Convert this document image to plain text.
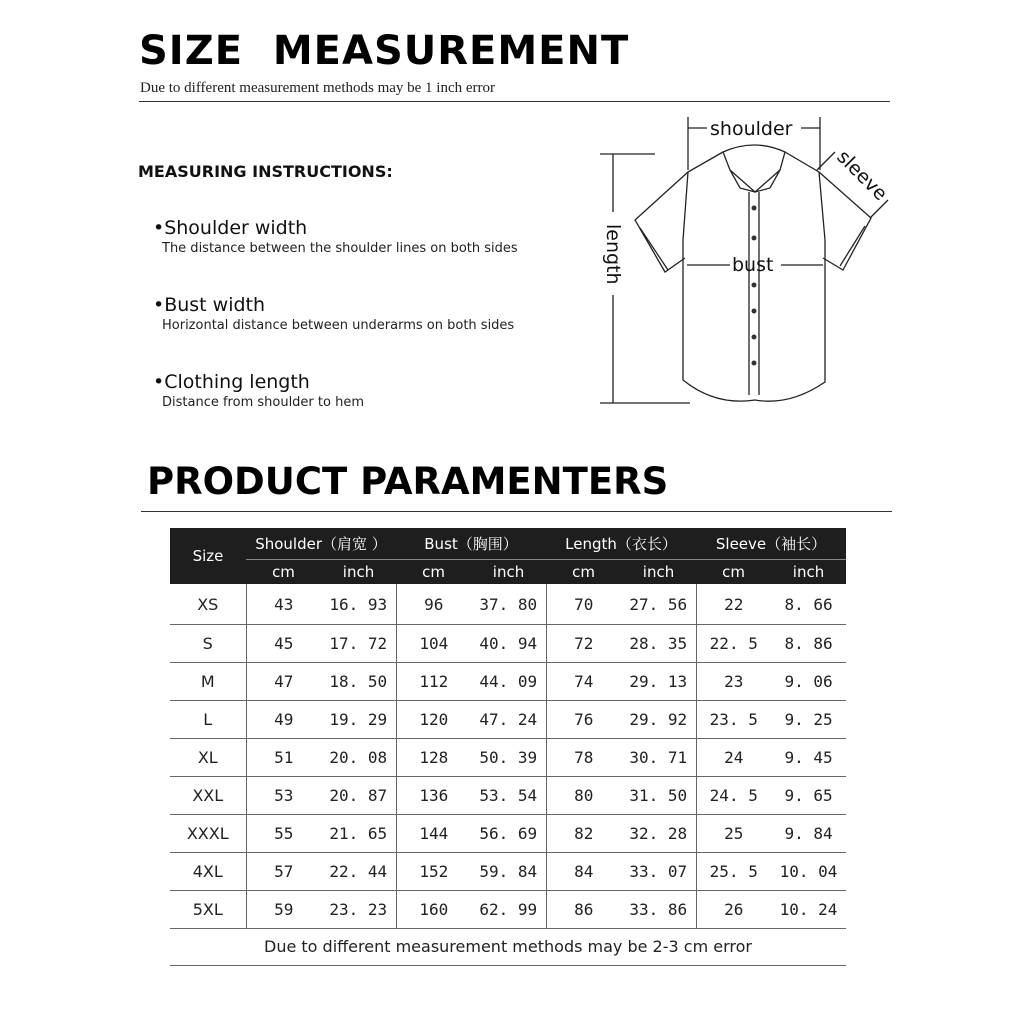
SIZE  MEASUREMENT
Due to different measurement methods may be 1 inch error
MEASURING INSTRUCTIONS:
•Shoulder width
The distance between the shoulder lines on both sides
•Bust width
Horizontal distance between underarms on both sides
•Clothing length
Distance from shoulder to hem
shoulder
bust
length
sleeve
PRODUCT PARAMENTERS
Size	Shoulder（肩宽 ）		Bust（胸围）		Length（衣长）		Sleeve（袖长）	
	cm	inch	cm	inch	cm	inch	cm	inch
XS	43	16. 93	96	37. 80	70	27. 56	22	8. 66
S	45	17. 72	104	40. 94	72	28. 35	22. 5	8. 86
M	47	18. 50	112	44. 09	74	29. 13	23	9. 06
L	49	19. 29	120	47. 24	76	29. 92	23. 5	9. 25
XL	51	20. 08	128	50. 39	78	30. 71	24	9. 45
XXL	53	20. 87	136	53. 54	80	31. 50	24. 5	9. 65
XXXL	55	21. 65	144	56. 69	82	32. 28	25	9. 84
4XL	57	22. 44	152	59. 84	84	33. 07	25. 5	10. 04
5XL	59	23. 23	160	62. 99	86	33. 86	26	10. 24
Due to different measurement methods may be 2-3 cm error
